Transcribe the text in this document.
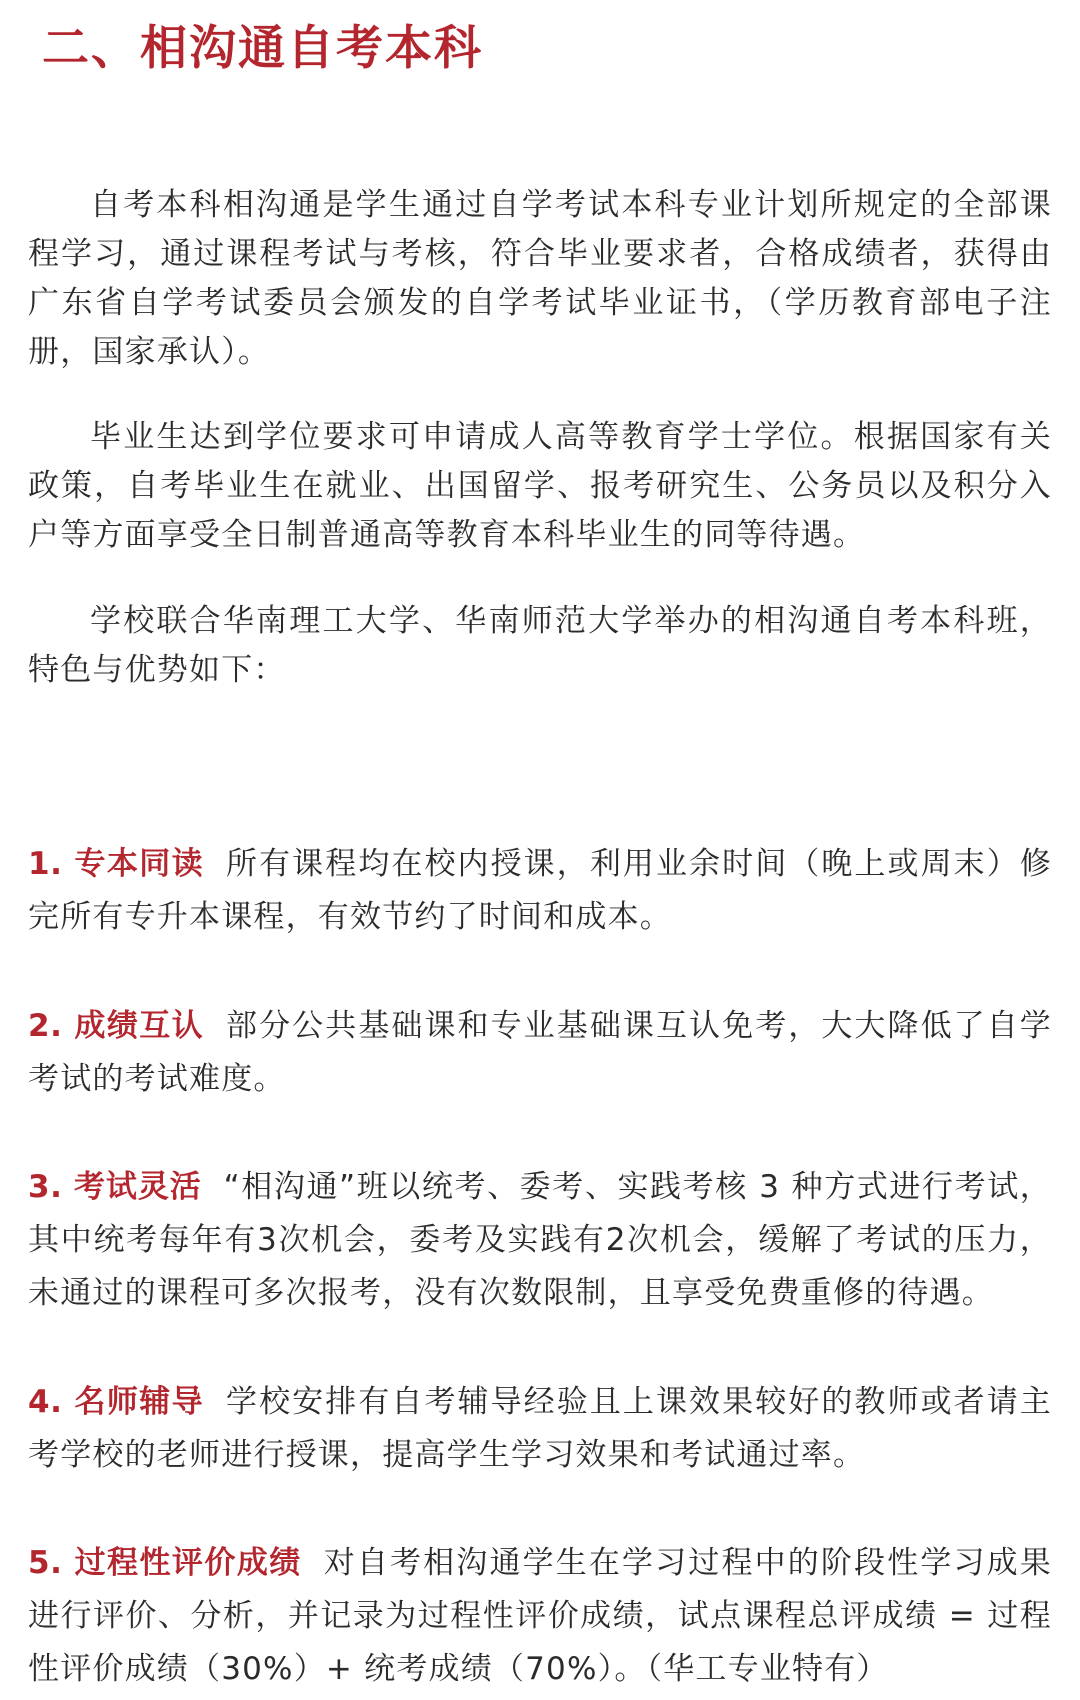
二、相沟通自考本科

自考本科相沟通是学生通过自学考试本科专业计划所规定的全部课程学习，通过课程考试与考核，符合毕业要求者，合格成绩者，获得由广东省自学考试委员会颁发的自学考试毕业证书，（学历教育部电子注册，国家承认）。

毕业生达到学位要求可申请成人高等教育学士学位。根据国家有关政策，自考毕业生在就业、出国留学、报考研究生、公务员以及积分入户等方面享受全日制普通高等教育本科毕业生的同等待遇。

学校联合华南理工大学、华南师范大学举办的相沟通自考本科班，特色与优势如下：

1. 专本同读 所有课程均在校内授课，利用业余时间（晚上或周末）修完所有专升本课程，有效节约了时间和成本。

2. 成绩互认 部分公共基础课和专业基础课互认免考，大大降低了自学考试的考试难度。

3. 考试灵活 “相沟通”班以统考、委考、实践考核 3 种方式进行考试，其中统考每年有3次机会，委考及实践有2次机会，缓解了考试的压力，未通过的课程可多次报考，没有次数限制，且享受免费重修的待遇。

4. 名师辅导 学校安排有自考辅导经验且上课效果较好的教师或者请主考学校的老师进行授课，提高学生学习效果和考试通过率。

5. 过程性评价成绩 对自考相沟通学生在学习过程中的阶段性学习成果进行评价、分析，并记录为过程性评价成绩，试点课程总评成绩 = 过程性评价成绩（30%）+ 统考成绩（70%）。（华工专业特有）
